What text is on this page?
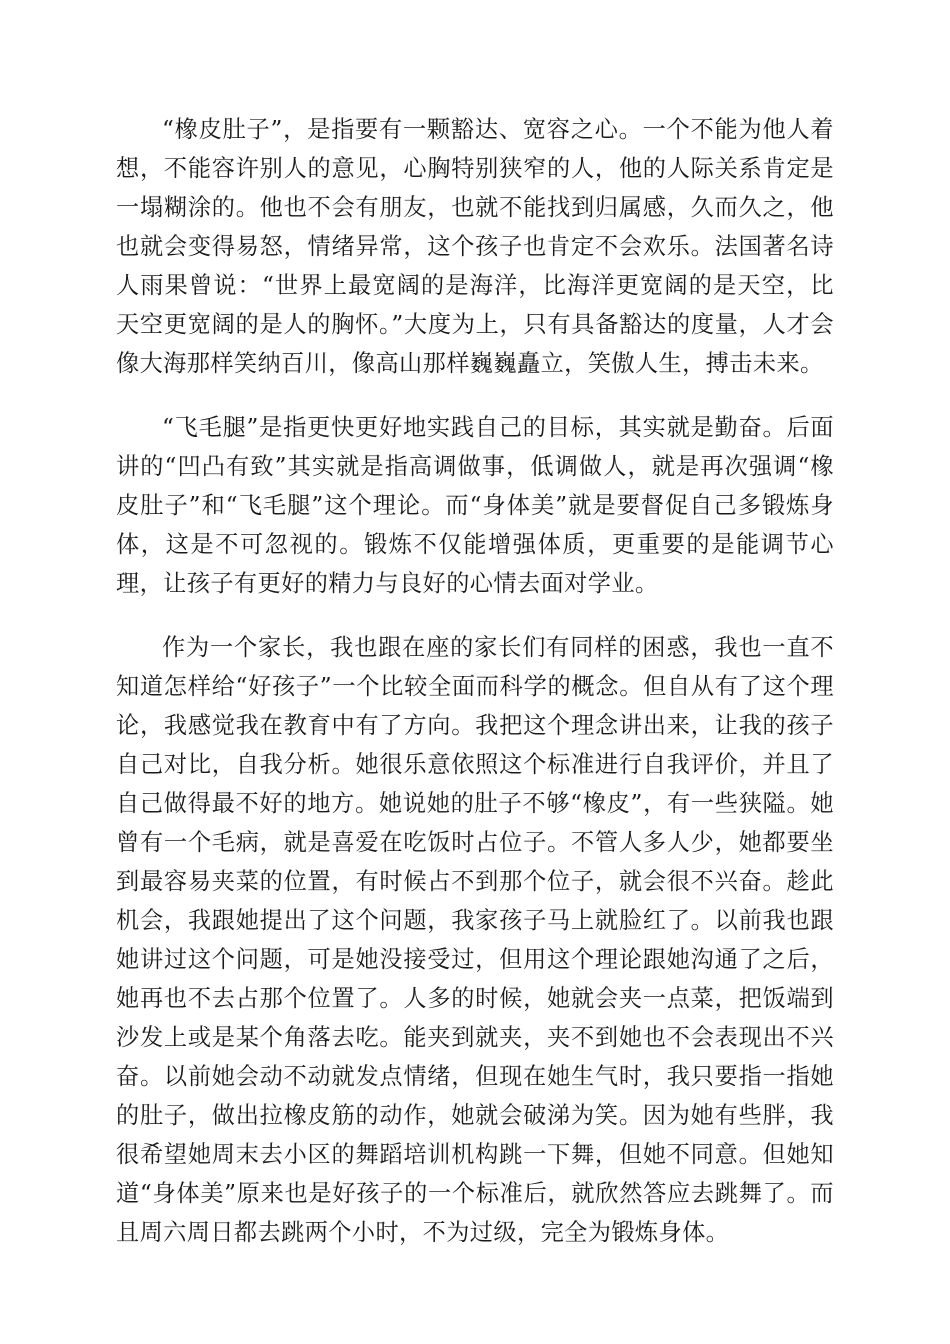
“橡皮肚子”，是指要有一颗豁达、宽容之心。一个不能为他人着想，不能容许别人的意见，心胸特别狭窄的人，他的人际关系肯定是一塌糊涂的。他也不会有朋友，也就不能找到归属感，久而久之，他也就会变得易怒，情绪异常，这个孩子也肯定不会欢乐。法国著名诗人雨果曾说：“世界上最宽阔的是海洋，比海洋更宽阔的是天空，比天空更宽阔的是人的胸怀。”大度为上，只有具备豁达的度量，人才会像大海那样笑纳百川，像高山那样巍巍矗立，笑傲人生，搏击未来。

“飞毛腿”是指更快更好地实践自己的目标，其实就是勤奋。后面讲的“凹凸有致”其实就是指高调做事，低调做人，就是再次强调“橡皮肚子”和“飞毛腿”这个理论。而“身体美”就是要督促自己多锻炼身体，这是不可忽视的。锻炼不仅能增强体质，更重要的是能调节心理，让孩子有更好的精力与良好的心情去面对学业。

作为一个家长，我也跟在座的家长们有同样的困惑，我也一直不知道怎样给“好孩子”一个比较全面而科学的概念。但自从有了这个理论，我感觉我在教育中有了方向。我把这个理念讲出来，让我的孩子自己对比，自我分析。她很乐意依照这个标准进行自我评价，并且了自己做得最不好的地方。她说她的肚子不够“橡皮”，有一些狭隘。她曾有一个毛病，就是喜爱在吃饭时占位子。不管人多人少，她都要坐到最容易夹菜的位置，有时候占不到那个位子，就会很不兴奋。趁此机会，我跟她提出了这个问题，我家孩子马上就脸红了。以前我也跟她讲过这个问题，可是她没接受过，但用这个理论跟她沟通了之后，她再也不去占那个位置了。人多的时候，她就会夹一点菜，把饭端到沙发上或是某个角落去吃。能夹到就夹，夹不到她也不会表现出不兴奋。以前她会动不动就发点情绪，但现在她生气时，我只要指一指她的肚子，做出拉橡皮筋的动作，她就会破涕为笑。因为她有些胖，我很希望她周末去小区的舞蹈培训机构跳一下舞，但她不同意。但她知道“身体美”原来也是好孩子的一个标准后，就欣然答应去跳舞了。而且周六周日都去跳两个小时，不为过级，完全为锻炼身体。
